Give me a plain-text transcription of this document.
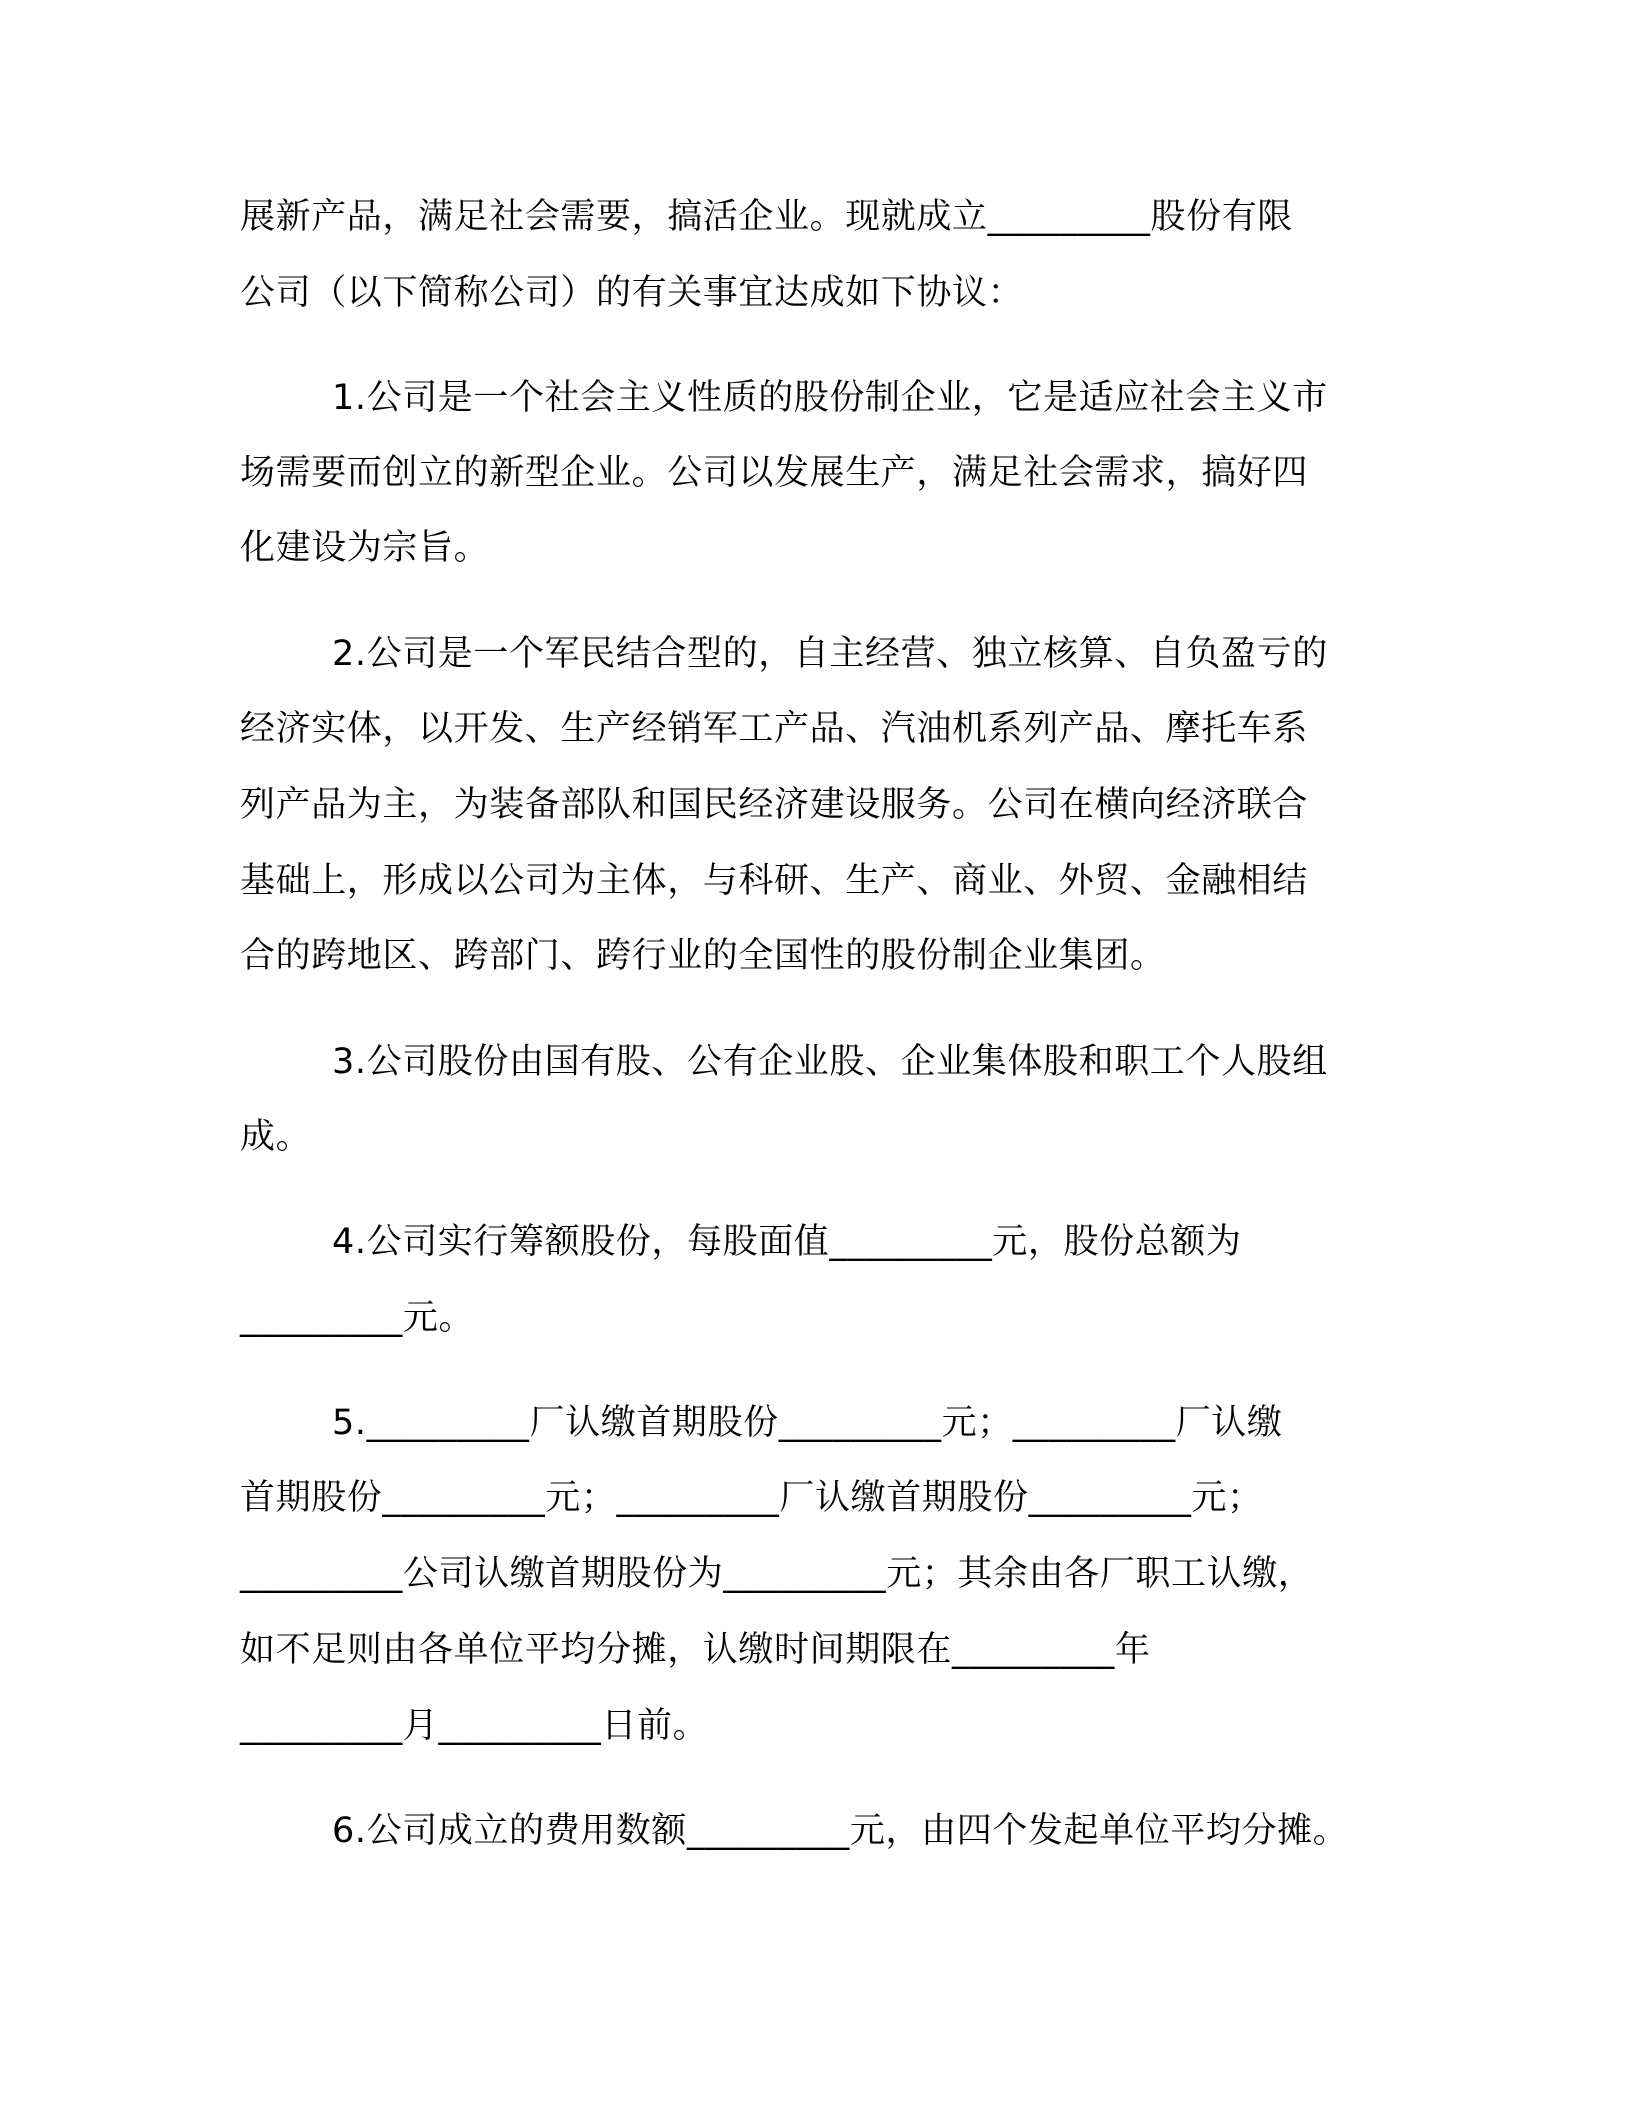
展新产品，满足社会需要，搞活企业。现就成立_________股份有限

公司（以下简称公司）的有关事宜达成如下协议：

1.公司是一个社会主义性质的股份制企业，它是适应社会主义市

场需要而创立的新型企业。公司以发展生产，满足社会需求，搞好四

化建设为宗旨。

2.公司是一个军民结合型的，自主经营、独立核算、自负盈亏的

经济实体，以开发、生产经销军工产品、汽油机系列产品、摩托车系

列产品为主，为装备部队和国民经济建设服务。公司在横向经济联合

基础上，形成以公司为主体，与科研、生产、商业、外贸、金融相结

合的跨地区、跨部门、跨行业的全国性的股份制企业集团。

3.公司股份由国有股、公有企业股、企业集体股和职工个人股组

成。

4.公司实行筹额股份，每股面值_________元，股份总额为

_________元。

5._________厂认缴首期股份_________元；_________厂认缴

首期股份_________元；_________厂认缴首期股份_________元；

_________公司认缴首期股份为_________元；其余由各厂职工认缴，

如不足则由各单位平均分摊，认缴时间期限在_________年

_________月_________日前。

6.公司成立的费用数额_________元，由四个发起单位平均分摊。
